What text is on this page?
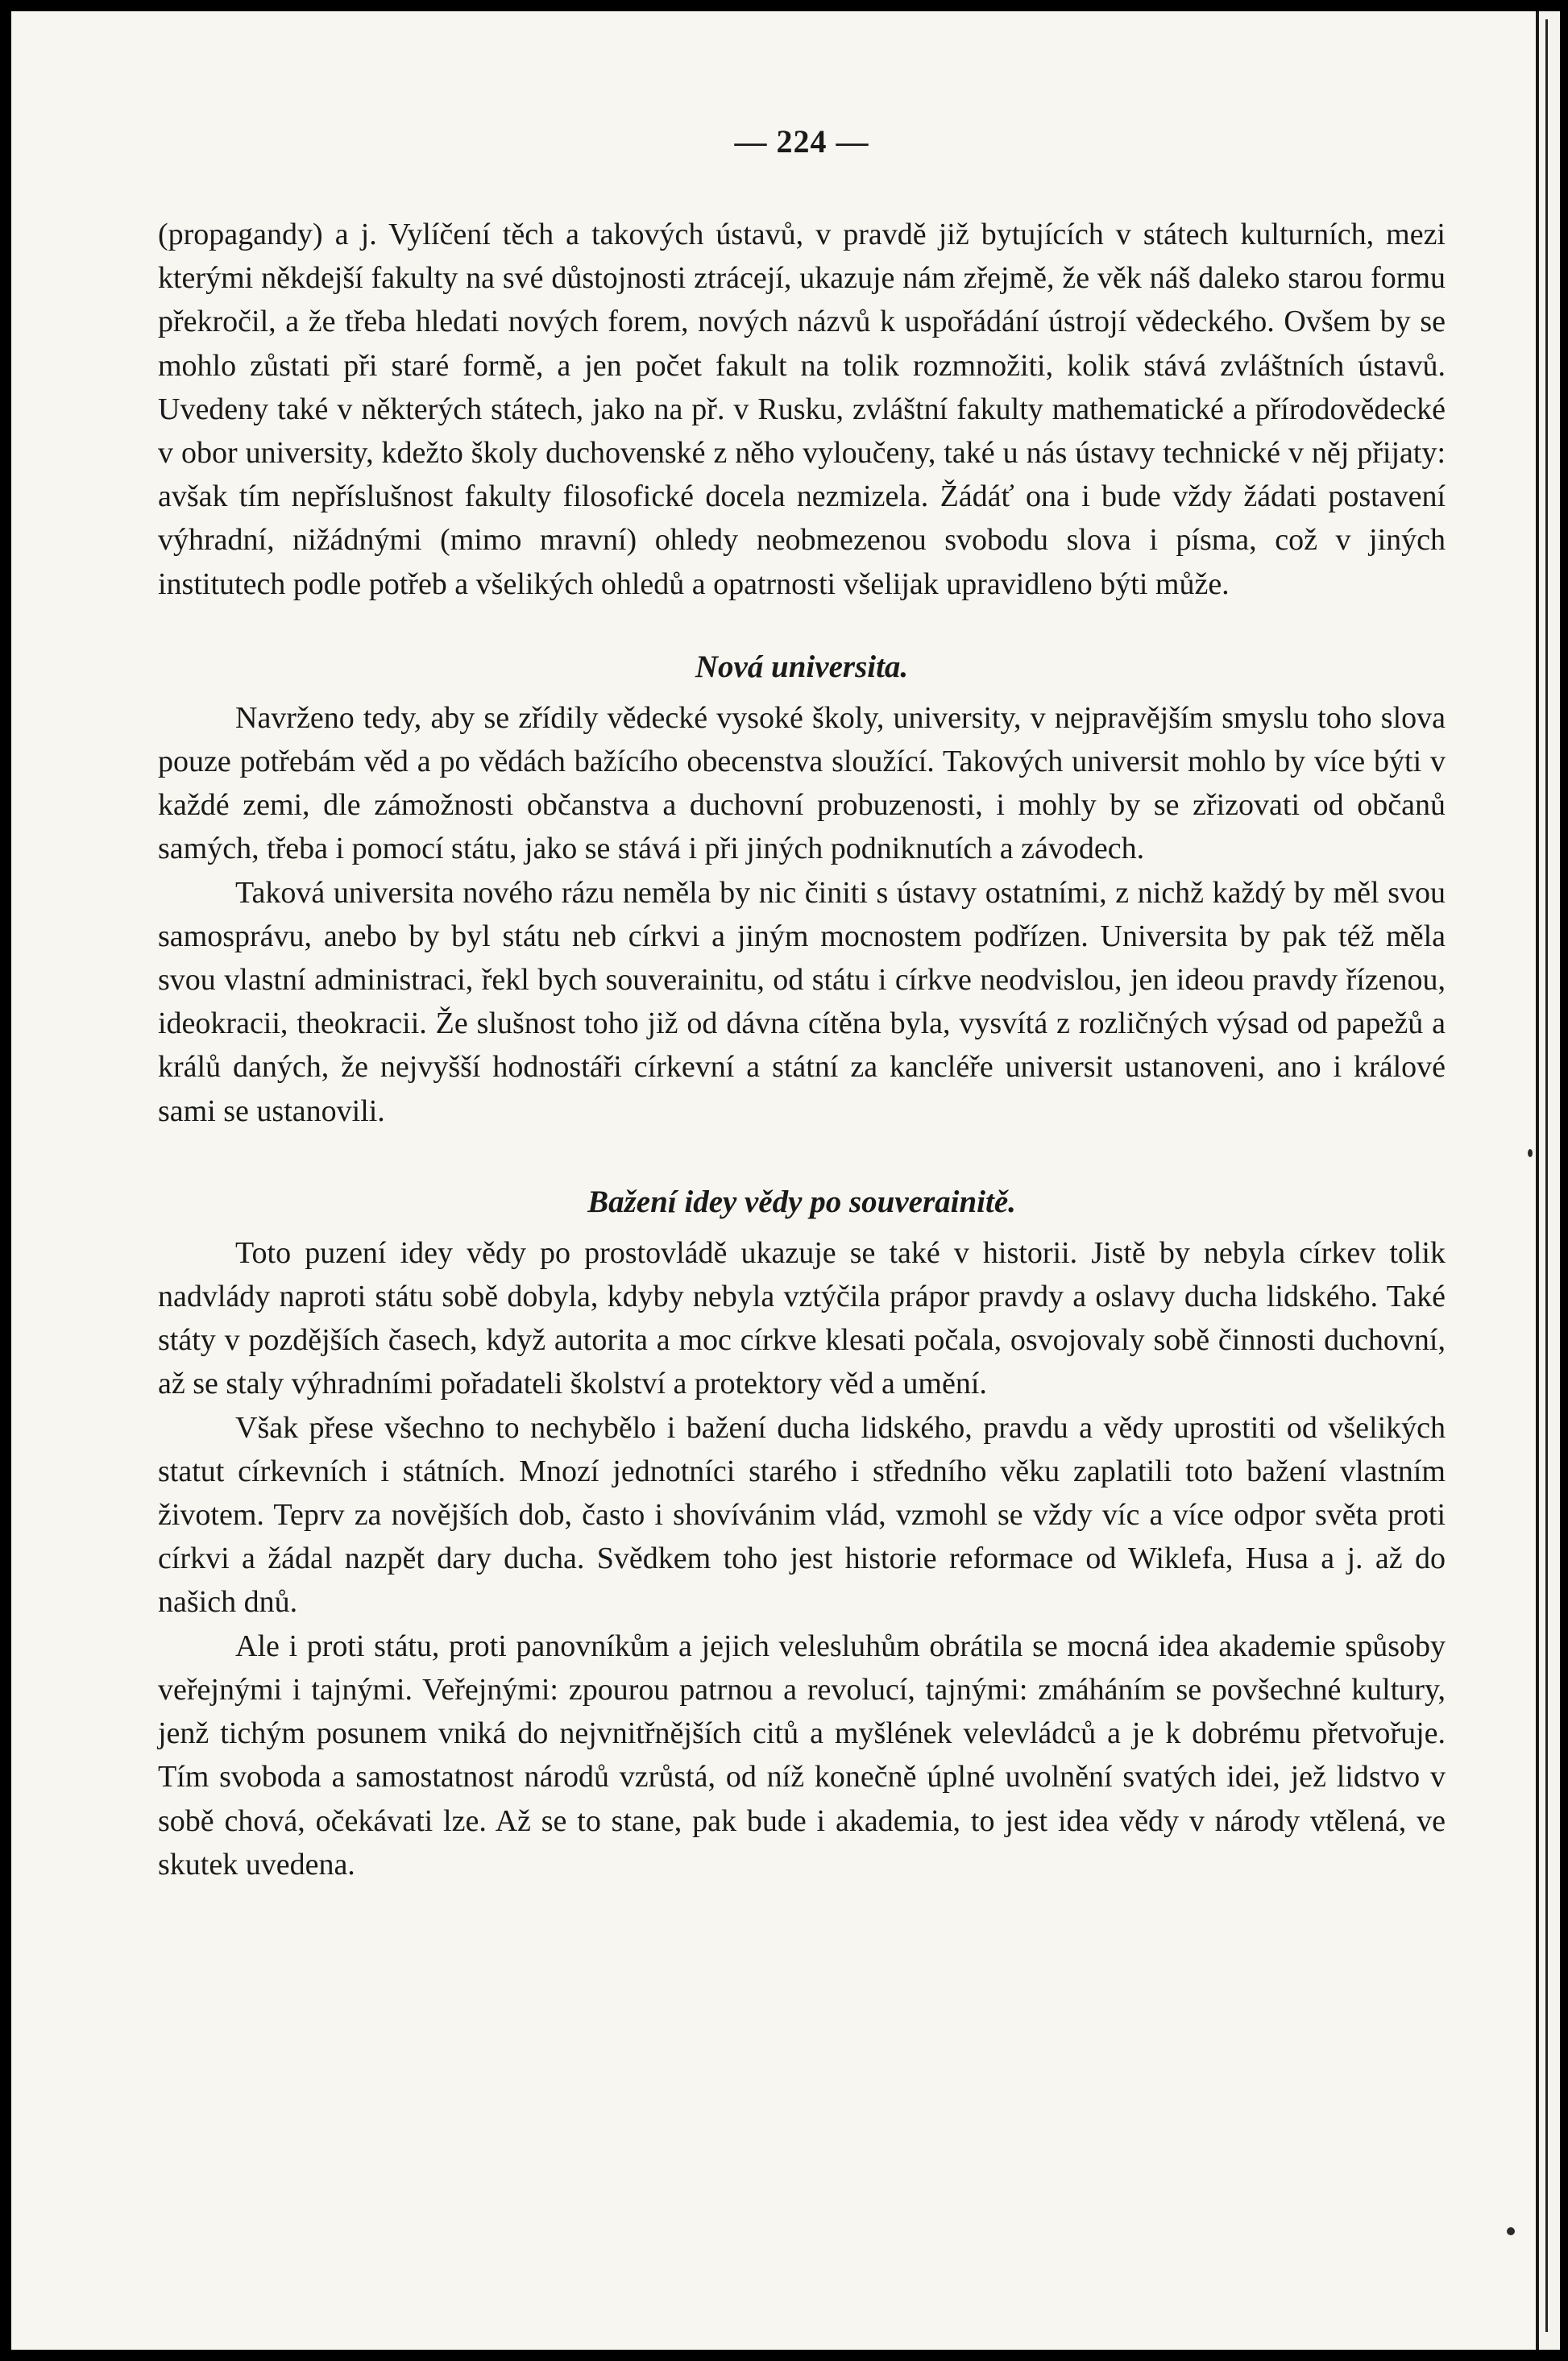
— 224 —

(propagandy) a j. Vylíčení těch a takových ústavů, v pravdě již bytujících v státech kulturních, mezi kterými někdejší fakulty na své důstojnosti ztrácejí, ukazuje nám zřejmě, že věk náš daleko starou formu překročil, a že třeba hledati nových forem, nových názvů k uspořádání ústrojí vědeckého. Ovšem by se mohlo zůstati při staré formě, a jen počet fakult na tolik rozmnožiti, kolik stává zvláštních ústavů. Uvedeny také v některých státech, jako na př. v Rusku, zvláštní fakulty mathematické a přírodovědecké v obor university, kdežto školy duchovenské z něho vyloučeny, také u nás ústavy technické v něj přijaty: avšak tím nepříslušnost fakulty filosofické docela nezmizela. Žádáť ona i bude vždy žádati postavení výhradní, nižádnými (mimo mravní) ohledy neobmezenou svobodu slova i písma, což v jiných institutech podle potřeb a všelikých ohledů a opatrnosti všelijak upravidleno býti může.

Nová universita.

Navrženo tedy, aby se zřídily vědecké vysoké školy, university, v nejpravějším smyslu toho slova pouze potřebám věd a po vědách bažícího obecenstva sloužící. Takových universit mohlo by více býti v každé zemi, dle zámožnosti občanstva a duchovní probuzenosti, i mohly by se zřizovati od občanů samých, třeba i pomocí státu, jako se stává i při jiných podniknutích a závodech.

Taková universita nového rázu neměla by nic činiti s ústavy ostatními, z nichž každý by měl svou samosprávu, anebo by byl státu neb církvi a jiným mocnostem podřízen. Universita by pak též měla svou vlastní administraci, řekl bych souverainitu, od státu i církve neodvislou, jen ideou pravdy řízenou, ideokracii, theokracii. Že slušnost toho již od dávna cítěna byla, vysvítá z rozličných výsad od papežů a králů daných, že nejvyšší hodnostáři církevní a státní za kancléře universit ustanoveni, ano i králové sami se ustanovili.

Bažení idey vědy po souverainitě.

Toto puzení idey vědy po prostovládě ukazuje se také v historii. Jistě by nebyla církev tolik nadvlády naproti státu sobě dobyla, kdyby nebyla vztýčila prápor pravdy a oslavy ducha lidského. Také státy v pozdějších časech, když autorita a moc církve klesati počala, osvojovaly sobě činnosti duchovní, až se staly výhradními pořadateli školství a protektory věd a umění.

Však přese všechno to nechybělo i bažení ducha lidského, pravdu a vědy uprostiti od všelikých statut církevních i státních. Mnozí jednotníci starého i středního věku zaplatili toto bažení vlastním životem. Teprv za novějších dob, často i shovívánim vlád, vzmohl se vždy víc a více odpor světa proti církvi a žádal nazpět dary ducha. Svědkem toho jest historie reformace od Wiklefa, Husa a j. až do našich dnů.

Ale i proti státu, proti panovníkům a jejich velesluhům obrátila se mocná idea akademie spůsoby veřejnými i tajnými. Veřejnými: zpourou patrnou a revolucí, tajnými: zmáháním se povšechné kultury, jenž tichým posunem vniká do nejvnitřnějších citů a myšlének velevládců a je k dobrému přetvořuje. Tím svoboda a samostatnost národů vzrůstá, od níž konečně úplné uvolnění svatých idei, jež lidstvo v sobě chová, očekávati lze. Až se to stane, pak bude i akademia, to jest idea vědy v národy vtělená, ve skutek uvedena.
